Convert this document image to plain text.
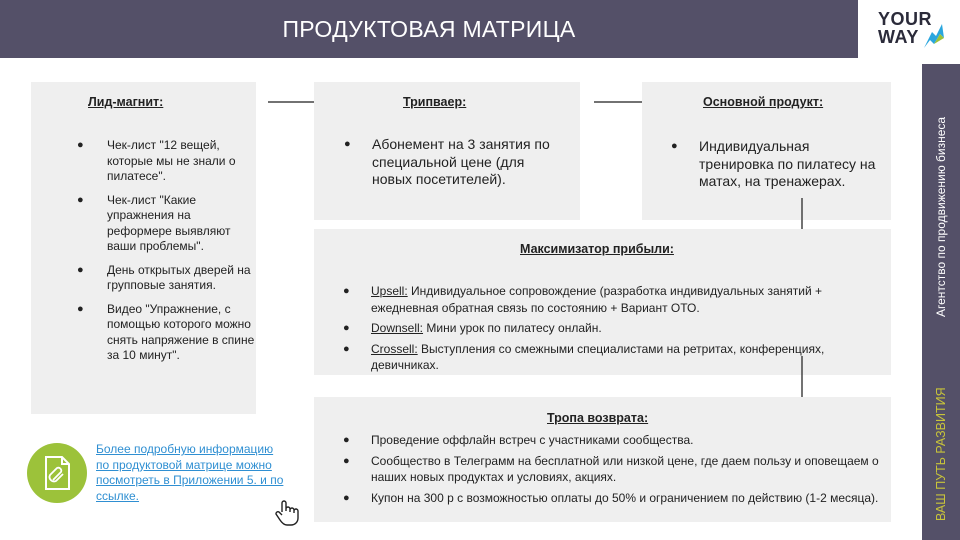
ПРОДУКТОВАЯ МАТРИЦА	YOUR
WAY
Агентство по продвижению бизнеса
ВАШ ПУТЬ РАЗВИТИЯ
Лид-магнит:
● Чек-лист "12 вещей, которые мы не знали о пилатесе".
● Чек-лист "Какие упражнения на реформере выявляют ваши проблемы".
● День открытых дверей на групповые занятия.
● Видео "Упражнение, с помощью которого можно снять напряжение в спине за 10 минут".
Трипваер:
● Абонемент на 3 занятия по специальной цене (для новых посетителей).
Основной продукт:
● Индивидуальная тренировка по пилатесу на матах, на тренажерах.
Максимизатор прибыли:
● Upsell: Индивидуальное сопровождение (разработка индивидуальных занятий + ежедневная обратная связь по состоянию + Вариант ОТО.
● Downsell: Мини урок по пилатесу онлайн.
● Crossell: Выступления со смежными специалистами на ретритах, конференциях, девичниках.
Тропа возврата:
● Проведение оффлайн встреч с участниками сообщества.
● Сообщество в Телеграмм на бесплатной или низкой цене, где даем пользу и оповещаем о наших новых продуктах и условиях, акциях.
● Купон на 300 р с возможностью оплаты до 50% и ограничением по действию (1-2 месяца).
Более подробную информацию по продуктовой матрице можно посмотреть в Приложении 5. и по ссылке.
